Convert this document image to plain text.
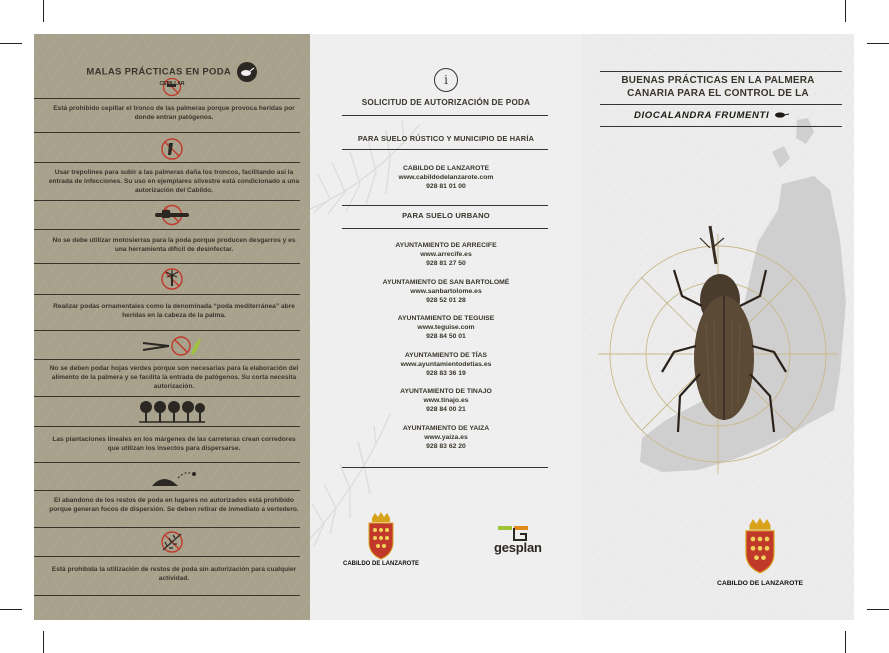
MALAS PRÁCTICAS EN PODA
CEPILLAR
Está prohibido cepillar el tronco de las palmeras porque provoca heridas por donde entran patógenos.
Usar trepolines para subir a las palmeras daña los troncos, facilitando así la entrada de infecciones. Su uso en ejemplares silvestre está condicionado a una autorización del Cabildo.
No se debe utilizar motosierras para la poda porque producen desgarros y es una herramienta difícil de desinfectar.
Realizar podas ornamentales como la denominada “poda mediterránea” abre heridas en la cabeza de la palma.
No se deben podar hojas verdes porque son necesarias para la elaboración del alimento de la palmera y se facilita la entrada de patógenos. Su corta necesita autorización.
Las plantaciones lineales en los márgenes de las carreteras crean corredores que utilizan los insectos para dispersarse.
El abandono de los restos de poda en lugares no autorizados está prohibido porque generan focos de dispersión. Se deben retirar de inmediato a vertedero.
Está prohibida la utilización de restos de poda sin autorización para cualquier actividad.
i
SOLICITUD DE AUTORIZACIÓN DE PODA
PARA SUELO RÚSTICO Y MUNICIPIO DE HARÍA
CABILDO DE LANZAROTE
www.cabildodelanzarote.com
928 81 01 00
PARA SUELO URBANO
AYUNTAMIENTO DE ARRECIFE
www.arrecife.es
928 81 27 50
AYUNTAMIENTO DE SAN BARTOLOMÉ
www.sanbartolome.es
928 52 01 28
AYUNTAMIENTO DE TEGUISE
www.teguise.com
928 84 50 01
AYUNTAMIENTO DE TÍAS
www.ayuntamientodetias.es
928 83 36 19
AYUNTAMIENTO DE TINAJO
www.tinajo.es
928 84 00 21
AYUNTAMIENTO DE YAIZA
www.yaiza.es
928 83 62 20
CABILDO DE LANZAROTE
gesplan
BUENAS PRÁCTICAS EN LA PALMERA
CANARIA PARA EL CONTROL DE LA
DIOCALANDRA FRUMENTI
CABILDO DE LANZAROTE
